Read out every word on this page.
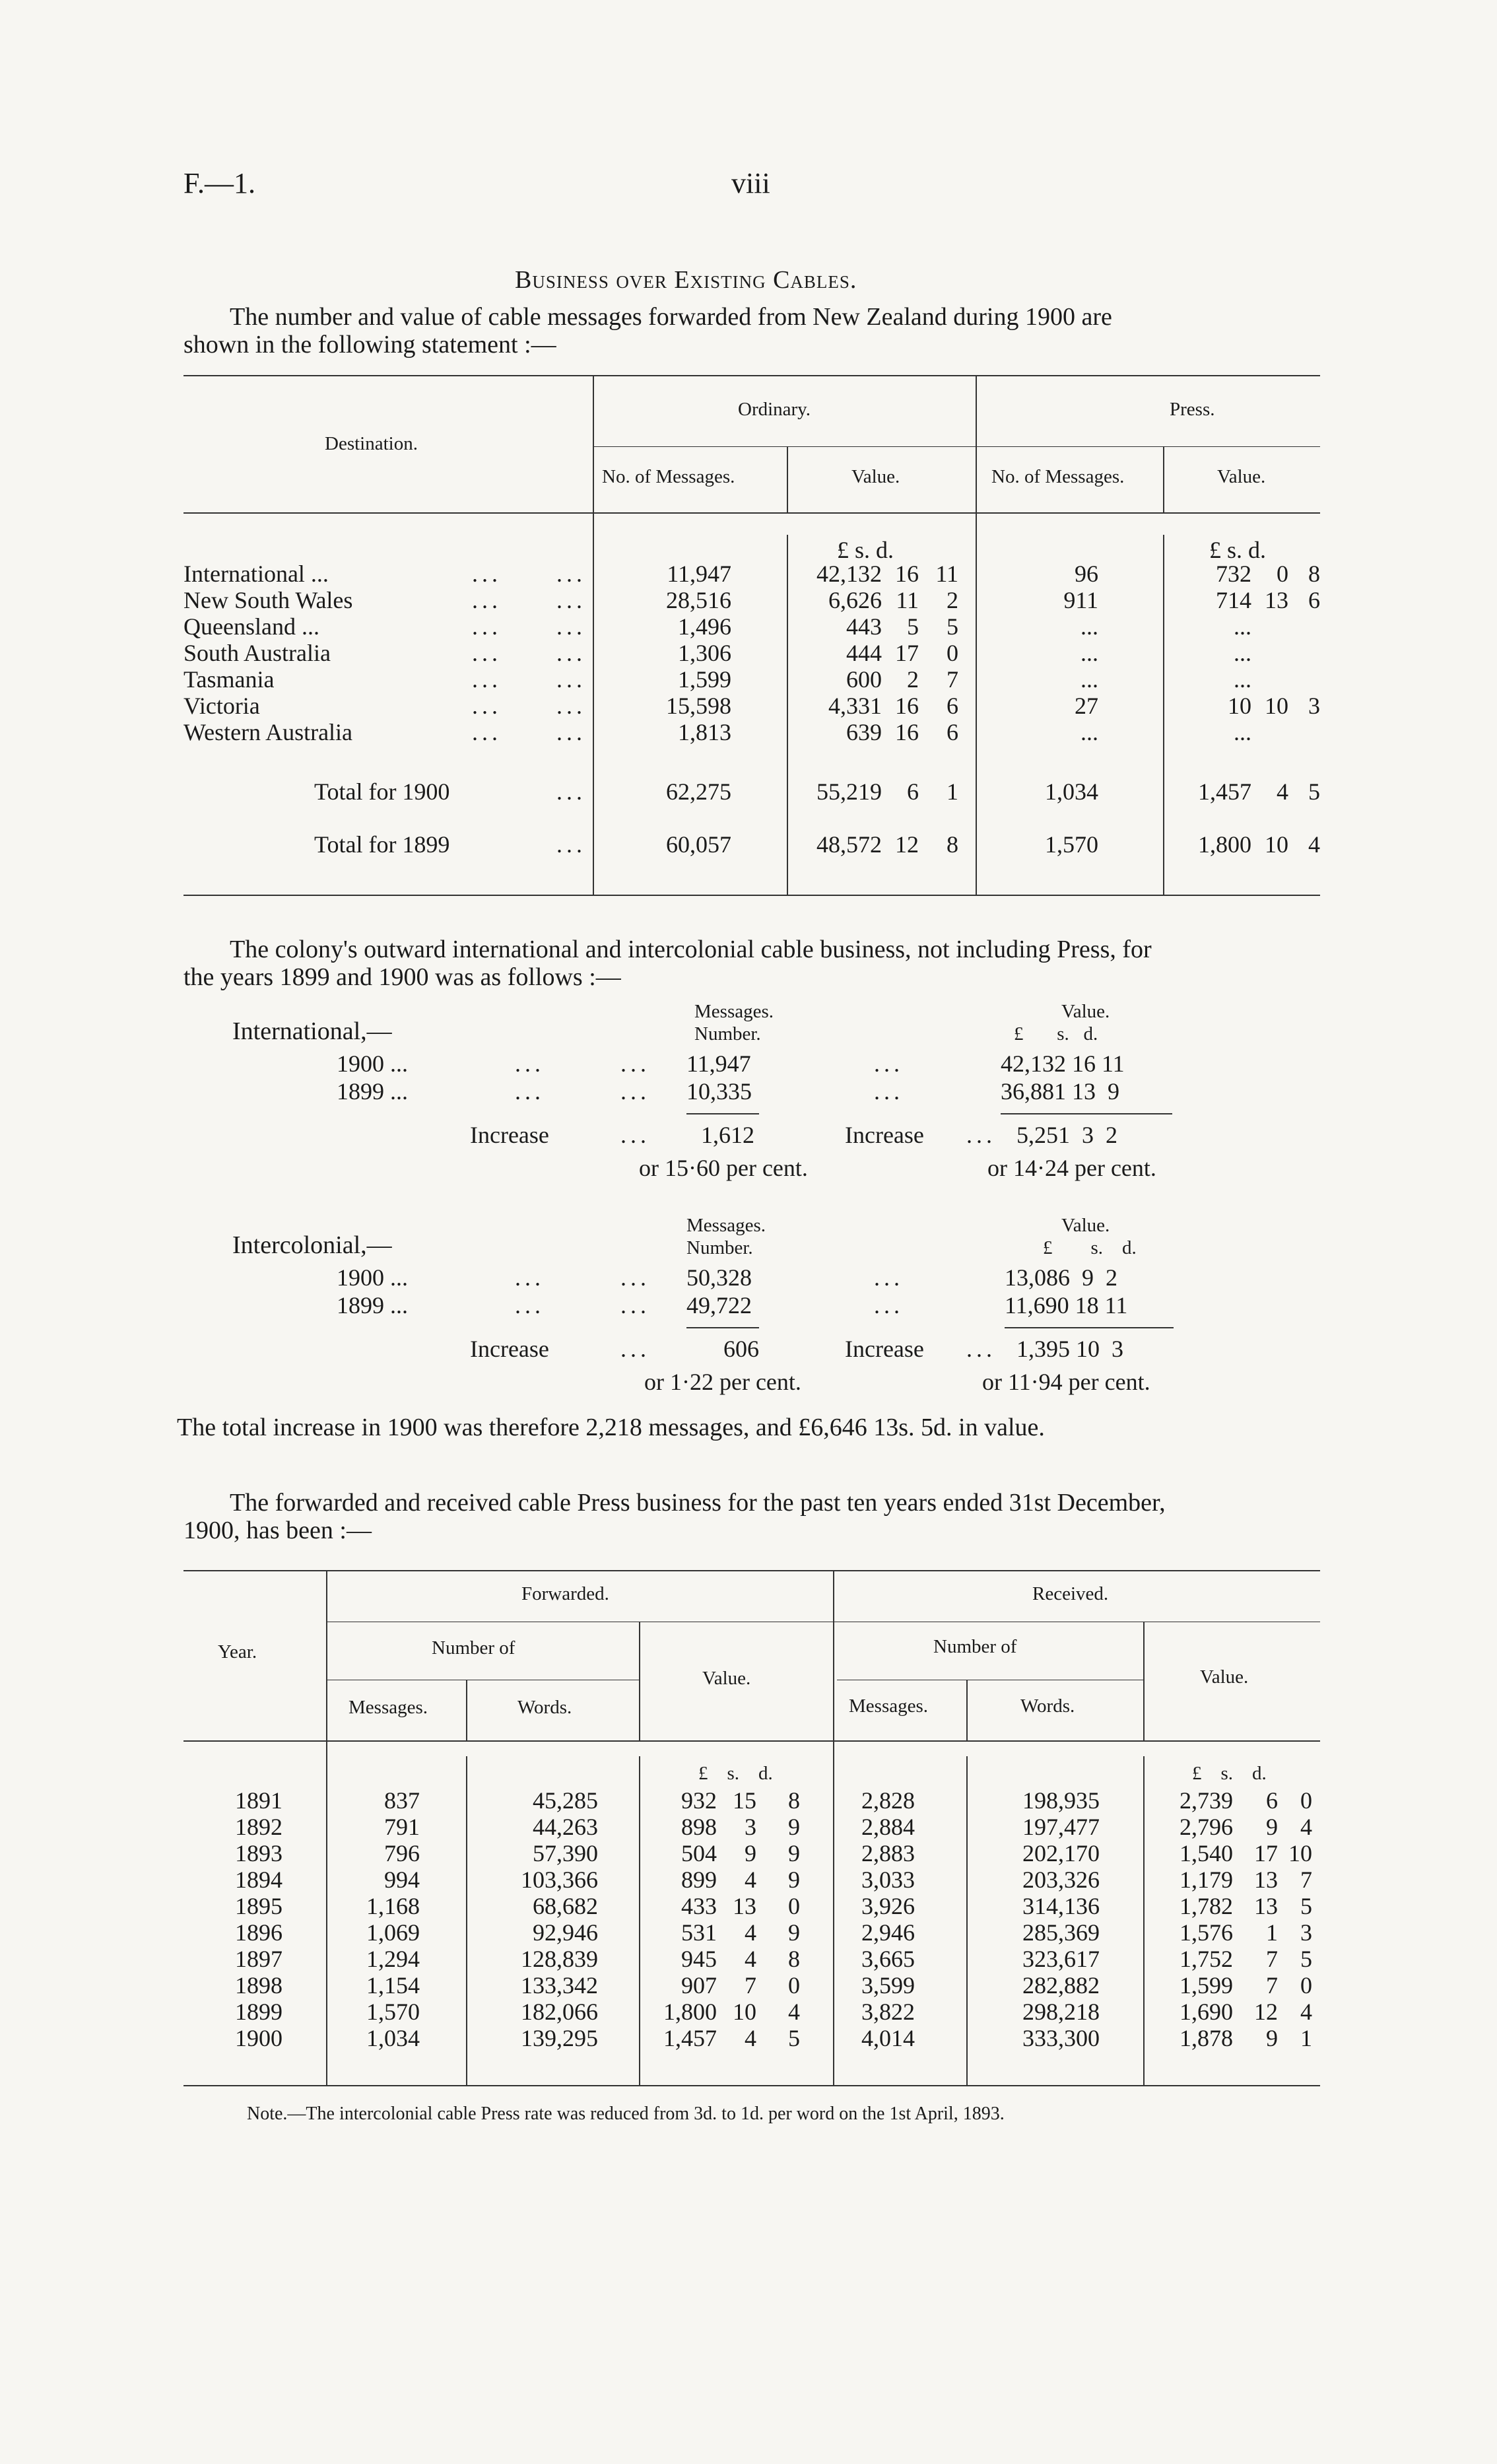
F.—1.	viii
Business over Existing Cables.
The number and value of cable messages forwarded from New Zealand during 1900 are
shown in the following statement :—
Destination.
Ordinary.	Press.
No. of Messages.	Value.	No. of Messages.	Value.
£ s. d.	£ s. d.
International ...	... ...	11,947	42,132 16 11	96	732 0 8
New South Wales	... ...	28,516	6,626 11 2	911	714 13 6
Queensland ...	... ...	1,496	443 5 5	...	...
South Australia	... ...	1,306	444 17 0	...	...
Tasmania	... ...	1,599	600 2 7	...	...
Victoria	... ...	15,598	4,331 16 6	27	10 10 3
Western Australia	... ...	1,813	639 16 6	...	...
Total for 1900	...	62,275	55,219 6 1	1,034	1,457 4 5
Total for 1899	...	60,057	48,572 12 8	1,570	1,800 10 4
The colony's outward international and intercolonial cable business, not including Press, for
the years 1899 and 1900 was as follows :—
International,—
Messages.
Number.
Value.
£       s.   d.
1900 ...	...	... 11,947	...	42,132 16 11
1899 ...	...	... 10,335	...	36,881 13  9
Increase	... 1,612	Increase ... 5,251  3  2
or 15·60 per cent.	or 14·24 per cent.
Intercolonial,—
Messages.
Number.
Value.
£        s.    d.
1900 ...	...	... 50,328	...	13,086  9  2
1899 ...	...	... 49,722	...	11,690 18 11
Increase	...	606	Increase ... 1,395 10  3
or 1·22 per cent.	or 11·94 per cent.
The total increase in 1900 was therefore 2,218 messages, and £6,646 13s. 5d. in value.
The forwarded and received cable Press business for the past ten years ended 31st December,
1900, has been :—
Year.
Forwarded.	Received.
Number of	Number of
Messages.	Words.
Value.
Messages.	Words.
Value.
£    s.    d.	£    s.    d.
1891	837	45,285	932 15 8	2,828	198,935	2,739 6 0
1892	791	44,263	898 3 9	2,884	197,477	2,796 9 4
1893	796	57,390	504 9 9	2,883	202,170	1,540 17 10
1894	994	103,366	899 4 9	3,033	203,326	1,179 13 7
1895	1,168	68,682	433 13 0	3,926	314,136	1,782 13 5
1896	1,069	92,946	531 4 9	2,946	285,369	1,576 1 3
1897	1,294	128,839	945 4 8	3,665	323,617	1,752 7 5
1898	1,154	133,342	907 7 0	3,599	282,882	1,599 7 0
1899	1,570	182,066	1,800 10 4	3,822	298,218	1,690 12 4
1900	1,034	139,295	1,457 4 5	4,014	333,300	1,878 9 1
Note.—The intercolonial cable Press rate was reduced from 3d. to 1d. per word on the 1st April, 1893.
